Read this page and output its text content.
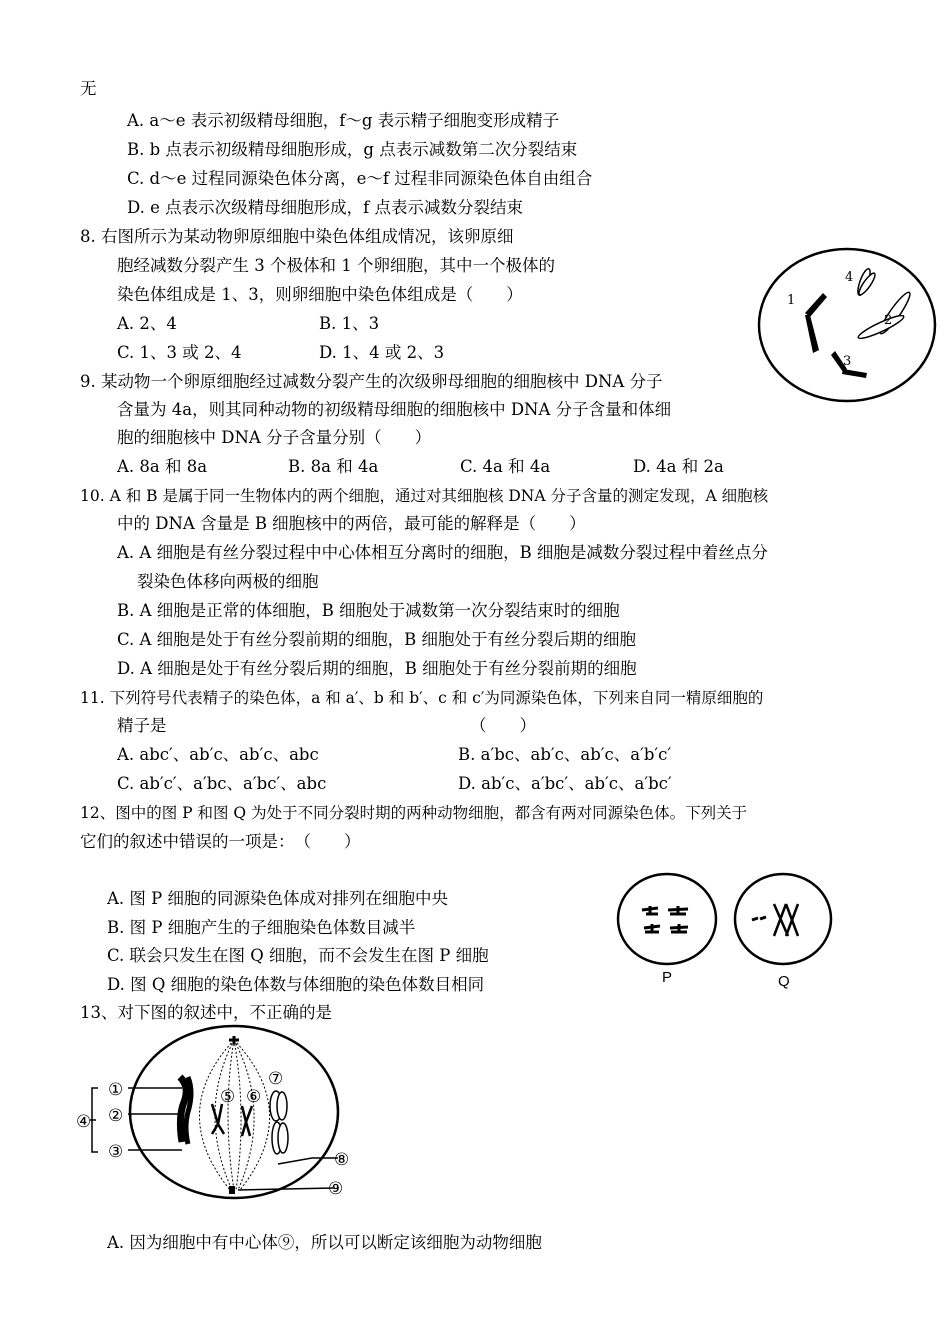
无
A. a～e 表示初级精母细胞，f～g 表示精子细胞变形成精子
B. b 点表示初级精母细胞形成，g 点表示减数第二次分裂结束
C. d～e 过程同源染色体分离，e～f 过程非同源染色体自由组合
D. e 点表示次级精母细胞形成，f 点表示减数分裂结束
8. 右图所示为某动物卵原细胞中染色体组成情况，该卵原细
胞经减数分裂产生 3 个极体和 1 个卵细胞，其中一个极体的
染色体组成是 1、3，则卵细胞中染色体组成是（　　）
A. 2、4	B. 1、3
C. 1、3 或 2、4	D. 1、4 或 2、3
9. 某动物一个卵原细胞经过减数分裂产生的次级卵母细胞的细胞核中 DNA 分子
含量为 4a，则其同种动物的初级精母细胞的细胞核中 DNA 分子含量和体细
胞的细胞核中 DNA 分子含量分别（　　）
A. 8a 和 8a	B. 8a 和 4a	C. 4a 和 4a	D. 4a 和 2a
10. A 和 B 是属于同一生物体内的两个细胞，通过对其细胞核 DNA 分子含量的测定发现，A 细胞核
中的 DNA 含量是 B 细胞核中的两倍，最可能的解释是（　　）
A. A 细胞是有丝分裂过程中中心体相互分离时的细胞，B 细胞是减数分裂过程中着丝点分
裂染色体移向两极的细胞
B. A 细胞是正常的体细胞，B 细胞处于减数第一次分裂结束时的细胞
C. A 细胞是处于有丝分裂前期的细胞，B 细胞处于有丝分裂后期的细胞
D. A 细胞是处于有丝分裂后期的细胞，B 细胞处于有丝分裂前期的细胞
11. 下列符号代表精子的染色体，a 和 a′、b 和 b′、c 和 c′为同源染色体，下列来自同一精原细胞的
精子是	（　　）
A. abc′、ab′c、ab′c、abc	B. a′bc、ab′c、ab′c、a′b′c′
C. ab′c′、a′bc、a′bc′、abc	D. ab′c、a′bc′、ab′c、a′bc′
12、图中的图 P 和图 Q 为处于不同分裂时期的两种动物细胞，都含有两对同源染色体。下列关于
它们的叙述中错误的一项是：　（　　）
A. 图 P 细胞的同源染色体成对排列在细胞中央
B. 图 P 细胞产生的子细胞染色体数目减半
C. 联会只发生在图 Q 细胞，而不会发生在图 P 细胞
D. 图 Q 细胞的染色体数与体细胞的染色体数目相同
13、对下图的叙述中，不正确的是
A. 因为细胞中有中心体⑨，所以可以断定该细胞为动物细胞
1
2
3
4
P	Q
①
②
③
④
⑤ ⑥
⑦
⑧
⑨
